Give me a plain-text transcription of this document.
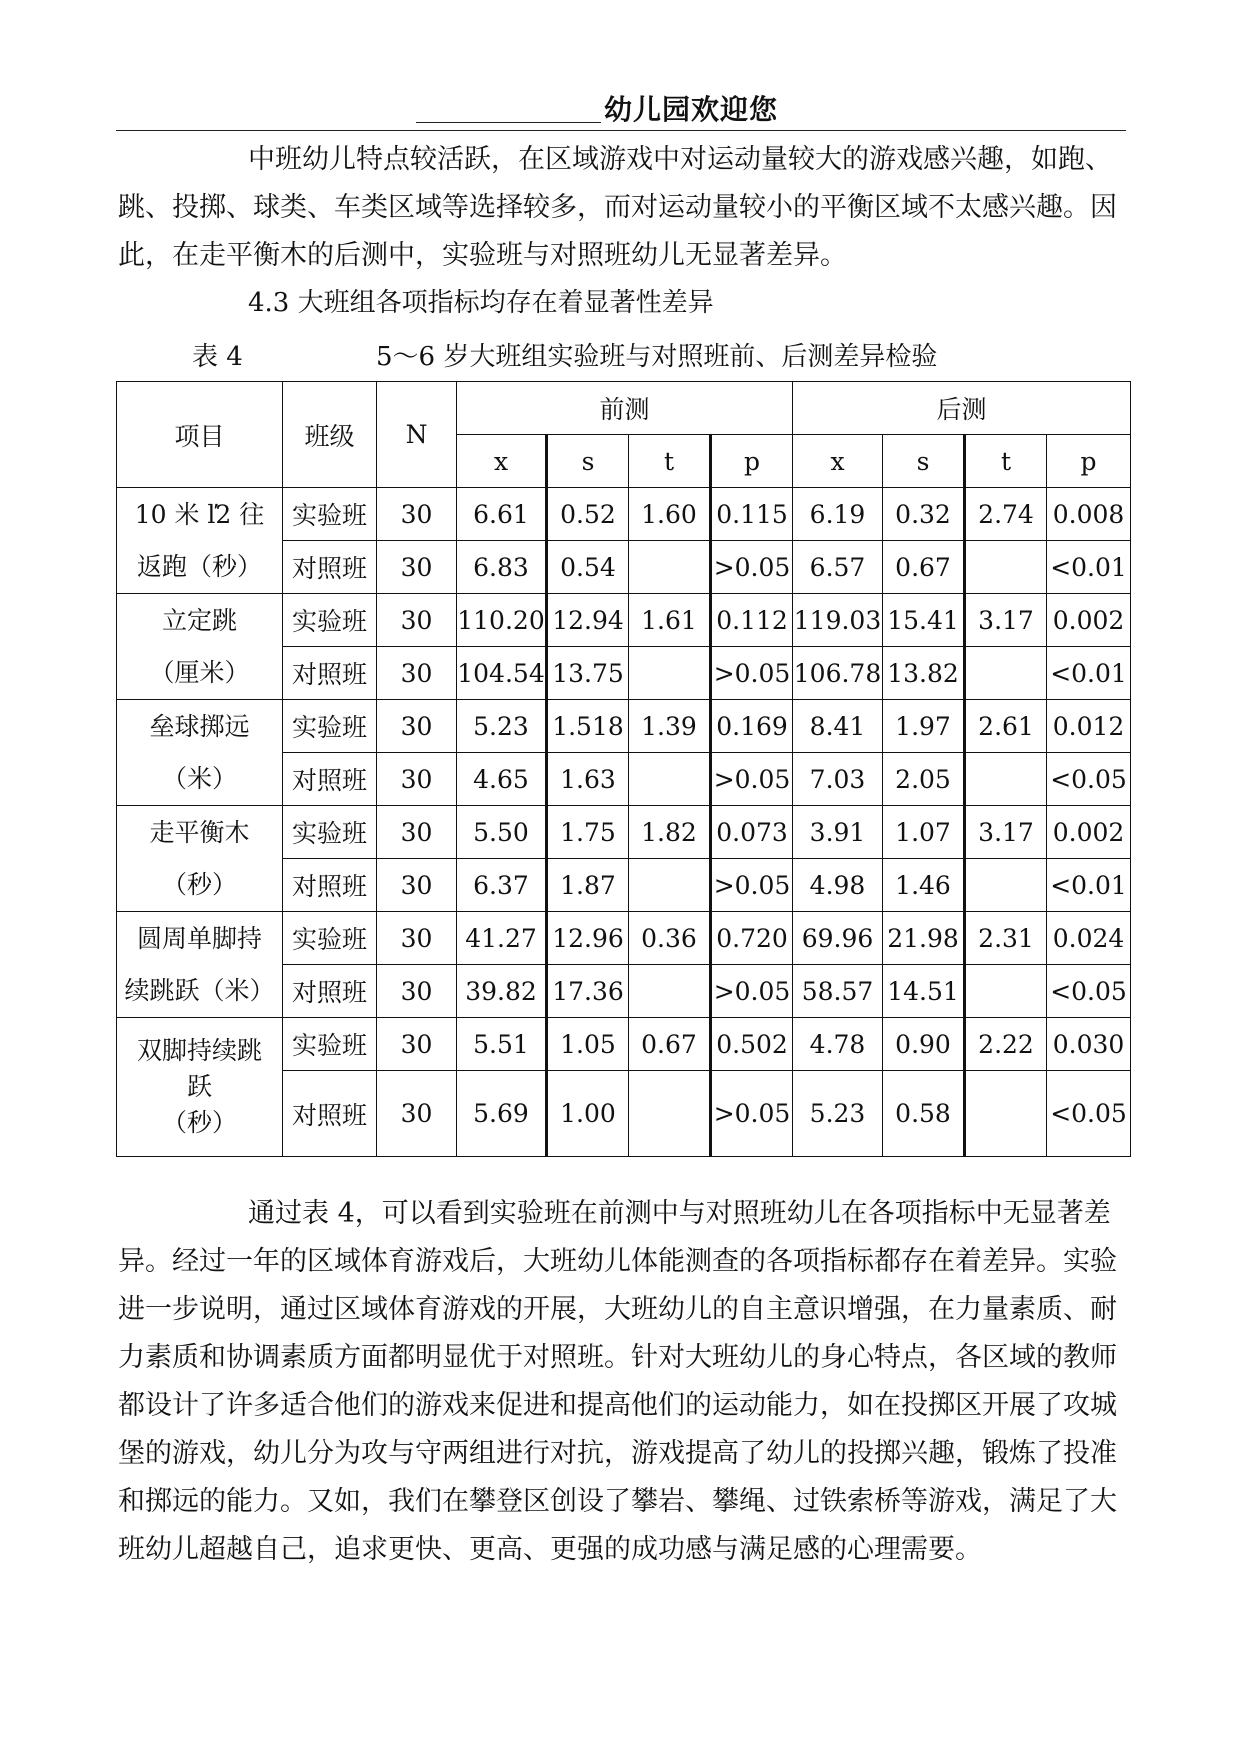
幼儿园欢迎您

中班幼儿特点较活跃，在区域游戏中对运动量较大的游戏感兴趣，如跑、跳、投掷、球类、车类区域等选择较多，而对运动量较小的平衡区域不太感兴趣。因此，在走平衡木的后测中，实验班与对照班幼儿无显著差异。

4.3 大班组各项指标均存在着显著性差异
表 4	5～6 岁大班组实验班与对照班前、后测差异检验
项目	班级	N	前测				后测			
			x	s	t	p	x	s	t	p
10 米 ľ2 往
返跑（秒）	实验班	30	6.61	0.52	1.60	0.115	6.19	0.32	2.74	0.008
	对照班	30	6.83	0.54		>0.05	6.57	0.67		<0.01
立定跳
（厘米）	实验班	30	110.20	12.94	1.61	0.112	119.03	15.41	3.17	0.002
	对照班	30	104.54	13.75		>0.05	106.78	13.82		<0.01
垒球掷远
（米）	实验班	30	5.23	1.518	1.39	0.169	8.41	1.97	2.61	0.012
	对照班	30	4.65	1.63		>0.05	7.03	2.05		<0.05
走平衡木
（秒）	实验班	30	5.50	1.75	1.82	0.073	3.91	1.07	3.17	0.002
	对照班	30	6.37	1.87		>0.05	4.98	1.46		<0.01
圆周单脚持
续跳跃（米）	实验班	30	41.27	12.96	0.36	0.720	69.96	21.98	2.31	0.024
	对照班	30	39.82	17.36		>0.05	58.57	14.51		<0.05
双脚持续跳
跃
（秒）	实验班	30	5.51	1.05	0.67	0.502	4.78	0.90	2.22	0.030
	对照班	30	5.69	1.00		>0.05	5.23	0.58		<0.05

通过表 4，可以看到实验班在前测中与对照班幼儿在各项指标中无显著差异。经过一年的区域体育游戏后，大班幼儿体能测查的各项指标都存在着差异。实验进一步说明，通过区域体育游戏的开展，大班幼儿的自主意识增强，在力量素质、耐力素质和协调素质方面都明显优于对照班。针对大班幼儿的身心特点，各区域的教师都设计了许多适合他们的游戏来促进和提高他们的运动能力，如在投掷区开展了攻城堡的游戏，幼儿分为攻与守两组进行对抗，游戏提高了幼儿的投掷兴趣，锻炼了投准和掷远的能力。又如，我们在攀登区创设了攀岩、攀绳、过铁索桥等游戏，满足了大班幼儿超越自己，追求更快、更高、更强的成功感与满足感的心理需要。
